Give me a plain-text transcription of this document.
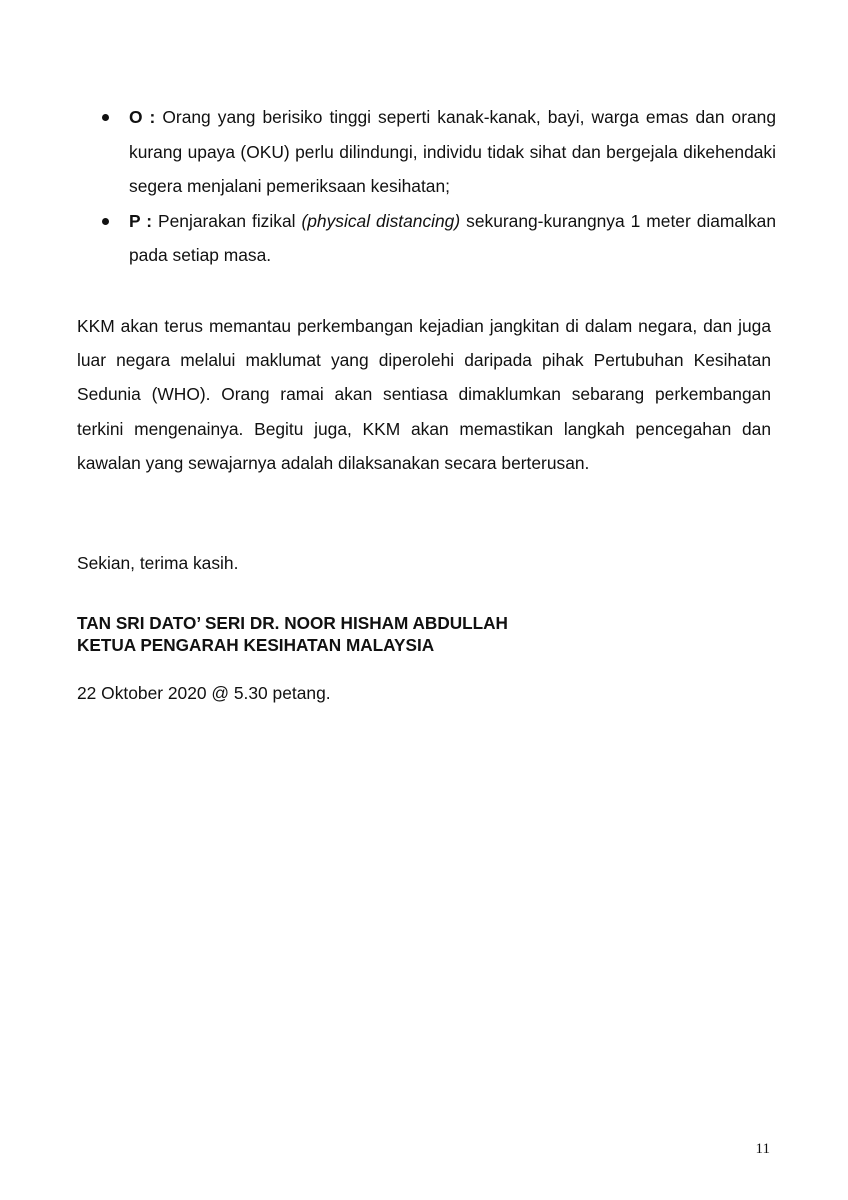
O : Orang yang berisiko tinggi seperti kanak-kanak, bayi, warga emas dan orang kurang upaya (OKU) perlu dilindungi, individu tidak sihat dan bergejala dikehendaki segera menjalani pemeriksaan kesihatan;
P : Penjarakan fizikal (physical distancing) sekurang-kurangnya 1 meter diamalkan pada setiap masa.

KKM akan terus memantau perkembangan kejadian jangkitan di dalam negara, dan juga luar negara melalui maklumat yang diperolehi daripada pihak Pertubuhan Kesihatan Sedunia (WHO). Orang ramai akan sentiasa dimaklumkan sebarang perkembangan terkini mengenainya. Begitu juga, KKM akan memastikan langkah pencegahan dan kawalan yang sewajarnya adalah dilaksanakan secara berterusan.

Sekian, terima kasih.

TAN SRI DATO’ SERI DR. NOOR HISHAM ABDULLAH
KETUA PENGARAH KESIHATAN MALAYSIA

22 Oktober 2020 @ 5.30 petang.

11
